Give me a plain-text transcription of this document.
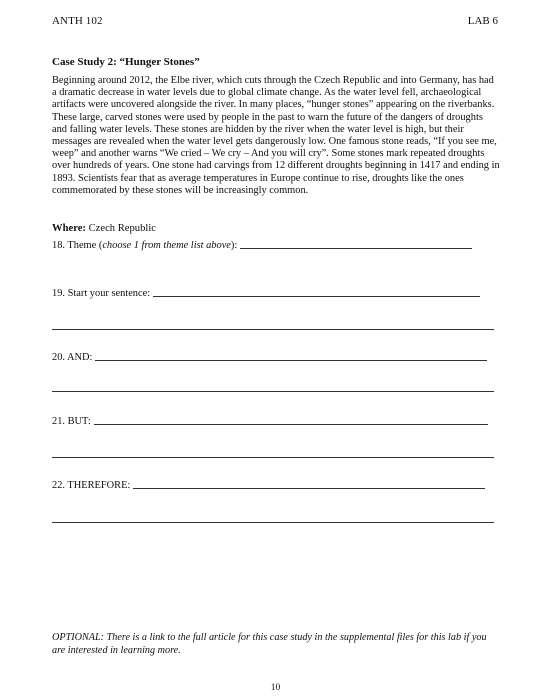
ANTH 102	LAB 6
Case Study 2: “Hunger Stones”
Beginning around 2012, the Elbe river, which cuts through the Czech Republic and into Germany, has had a dramatic decrease in water levels due to global climate change. As the water level fell, archaeological artifacts were uncovered alongside the river. In many places, “hunger stones” appearing on the riverbanks. These large, carved stones were used by people in the past to warn the future of the dangers of droughts and falling water levels. These stones are hidden by the river when the water level is high, but their messages are revealed when the water level gets dangerously low. One famous stone reads, “If you see me, weep” and another warns “We cried – We cry – And you will cry”. Some stones mark repeated droughts over hundreds of years. One stone had carvings from 12 different droughts beginning in 1417 and ending in 1893. Scientists fear that as average temperatures in Europe continue to rise, droughts like the ones commemorated by these stones will be increasingly common.
Where: Czech Republic
18. Theme ( choose 1 from theme list above ):
19. Start your sentence:
20. AND:
21. BUT:
22. THEREFORE:
OPTIONAL: There is a link to the full article for this case study in the supplemental files for this lab if you are interested in learning more.
10
